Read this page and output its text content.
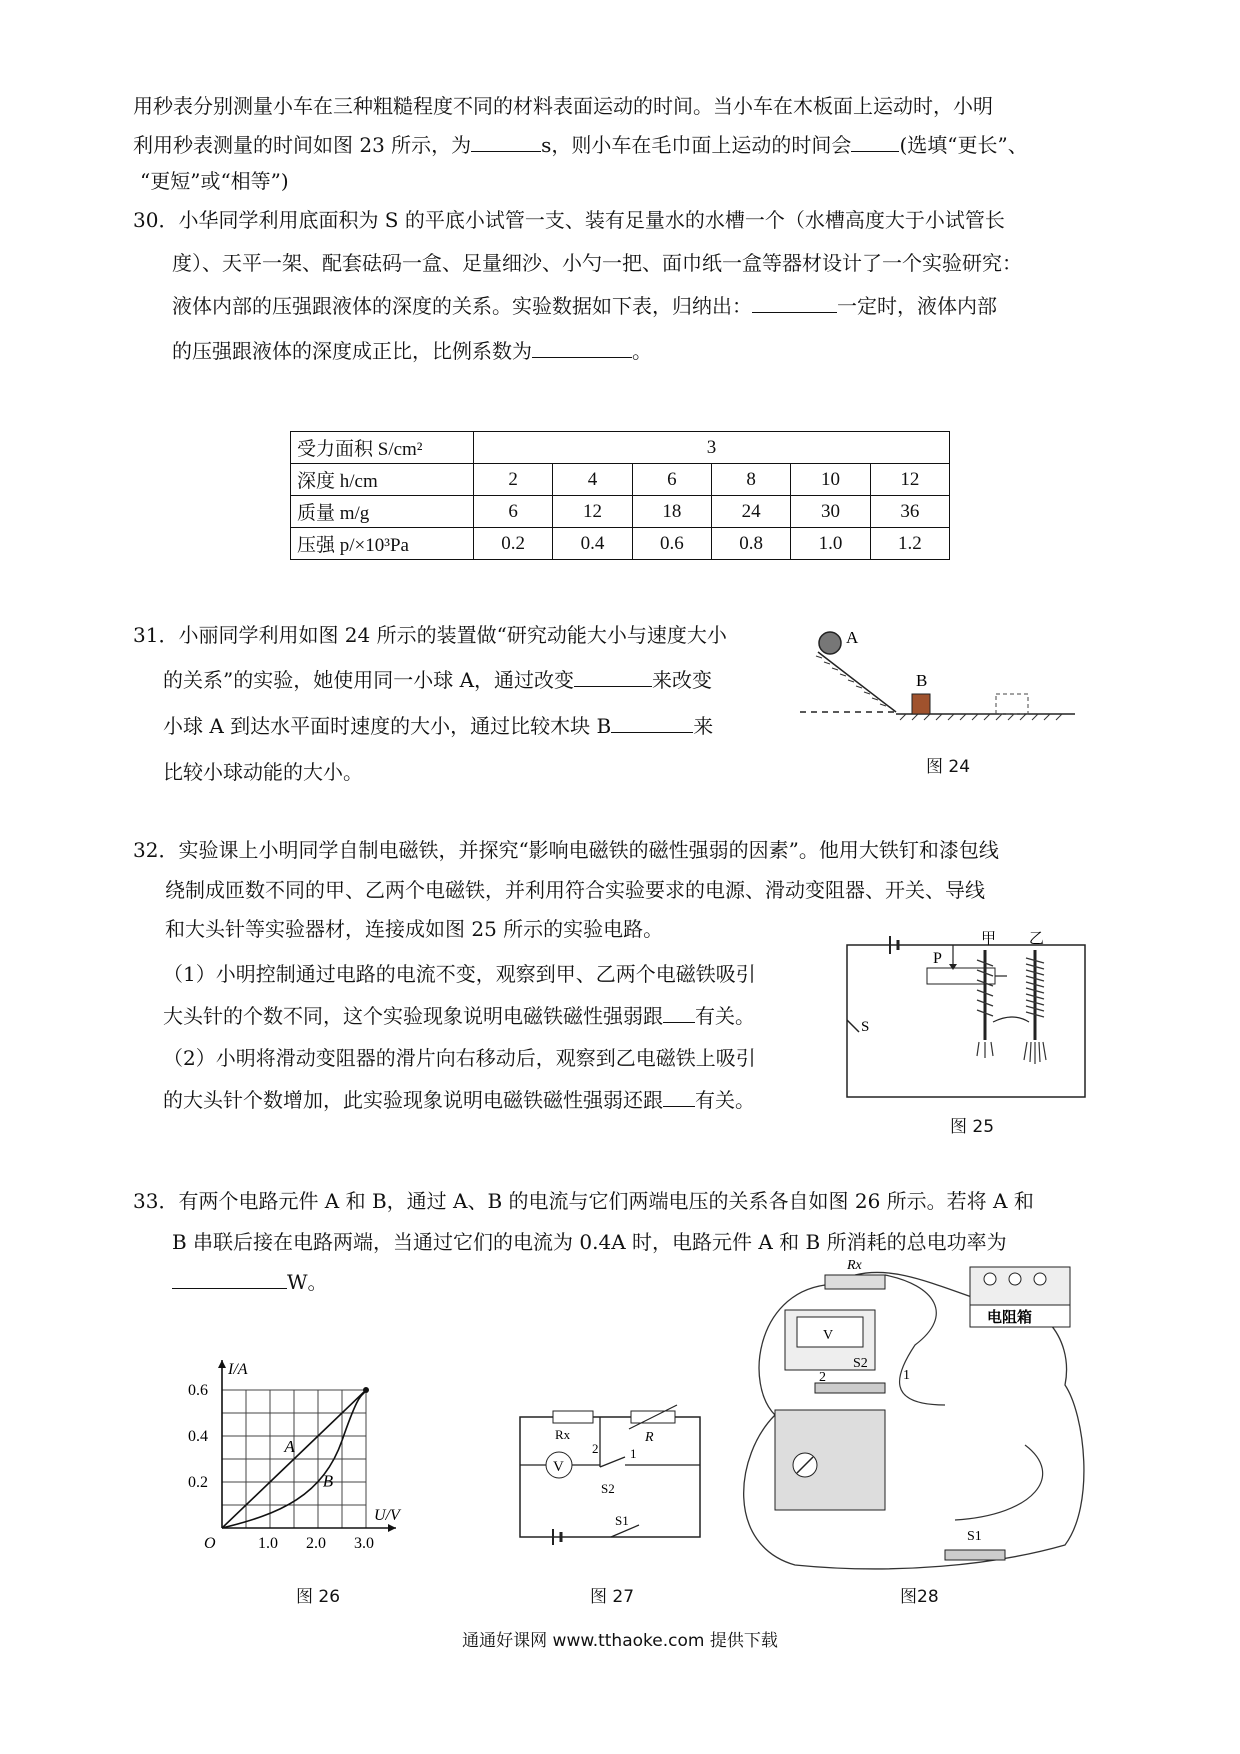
用秒表分别测量小车在三种粗糙程度不同的材料表面运动的时间。当小车在木板面上运动时，小明
利用秒表测量的时间如图 23 所示，为	s，则小车在毛巾面上运动的时间会 (选填“更长”、
“更短”或“相等”)
30．小华同学利用底面积为 S 的平底小试管一支、装有足量水的水槽一个（水槽高度大于小试管长
度）、天平一架、配套砝码一盒、足量细沙、小勺一把、面巾纸一盒等器材设计了一个实验研究：
液体内部的压强跟液体的深度的关系。实验数据如下表，归纳出：	一定时，液体内部
的压强跟液体的深度成正比，比例系数为	。
受力面积 S/cm²	3					
深度 h/cm	2	4	6	8	10	12
质量 m/g	6	12	18	24	30	36
压强 p/×10³Pa	0.2	0.4	0.6	0.8	1.0	1.2
31．小丽同学利用如图 24 所示的装置做“研究动能大小与速度大小
的关系”的实验，她使用同一小球 A，通过改变	来改变
小球 A 到达水平面时速度的大小，通过比较木块 B	来
比较小球动能的大小。
A
B
图 24
32．实验课上小明同学自制电磁铁，并探究“影响电磁铁的磁性强弱的因素”。他用大铁钉和漆包线
绕制成匝数不同的甲、乙两个电磁铁，并利用符合实验要求的电源、滑动变阻器、开关、导线
和大头针等实验器材，连接成如图 25 所示的实验电路。
（1）小明控制通过电路的电流不变，观察到甲、乙两个电磁铁吸引
大头针的个数不同，这个实验现象说明电磁铁磁性强弱跟 有关。
（2）小明将滑动变阻器的滑片向右移动后，观察到乙电磁铁上吸引
的大头针个数增加，此实验现象说明电磁铁磁性强弱还跟 有关。
P
甲 乙
S
图 25
33．有两个电路元件 A 和 B，通过 A、B 的电流与它们两端电压的关系各自如图 26 所示。若将 A 和
B 串联后接在电路两端，当通过它们的电流为 0.4A 时，电路元件 A 和 B 所消耗的总电功率为
W。
1.0 2.0 3.0
0.2
0.4
0.6
O
U/V
I/A
A
B
图 26
Rx	R
V
2 1
S2
S1
图 27
Rx
电阻箱
V
S2
2	1
S1
图28
通通好课网 www.tthaoke.com 提供下载
